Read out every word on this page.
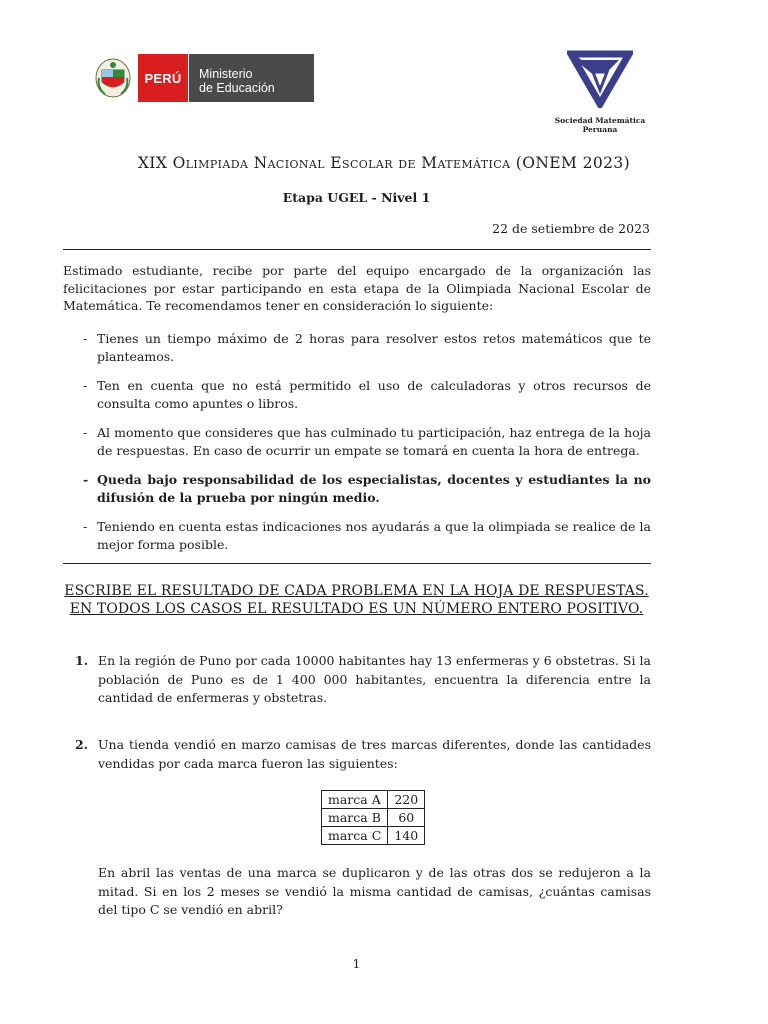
PERÚ	Ministerio
de Educación
Sociedad Matemática Peruana
XIX Olimpiada Nacional Escolar de Matemática (ONEM 2023)
Etapa UGEL - Nivel 1
22 de setiembre de 2023
Estimado estudiante, recibe por parte del equipo encargado de la organización las felicitaciones por estar participando en esta etapa de la Olimpiada Nacional Escolar de Matemática. Te recomendamos tener en consideración lo siguiente:
- Tienes un tiempo máximo de 2 horas para resolver estos retos matemáticos que te planteamos.
- Ten en cuenta que no está permitido el uso de calculadoras y otros recursos de consulta como apuntes o libros.
- Al momento que consideres que has culminado tu participación, haz entrega de la hoja de respuestas. En caso de ocurrir un empate se tomará en cuenta la hora de entrega.
- Queda bajo responsabilidad de los especialistas, docentes y estudiantes la no difusión de la prueba por ningún medio.
- Teniendo en cuenta estas indicaciones nos ayudarás a que la olimpiada se realice de la mejor forma posible.
ESCRIBE EL RESULTADO DE CADA PROBLEMA EN LA HOJA DE RESPUESTAS.
EN TODOS LOS CASOS EL RESULTADO ES UN NÚMERO ENTERO POSITIVO.
1. En la región de Puno por cada 10000 habitantes hay 13 enfermeras y 6 obstetras. Si la población de Puno es de 1 400 000 habitantes, encuentra la diferencia entre la cantidad de enfermeras y obstetras.
2. Una tienda vendió en marzo camisas de tres marcas diferentes, donde las cantidades vendidas por cada marca fueron las siguientes:
marca A	220
marca B	60
marca C	140
En abril las ventas de una marca se duplicaron y de las otras dos se redujeron a la mitad. Si en los 2 meses se vendió la misma cantidad de camisas, ¿cuántas camisas del tipo C se vendió en abril?
1
